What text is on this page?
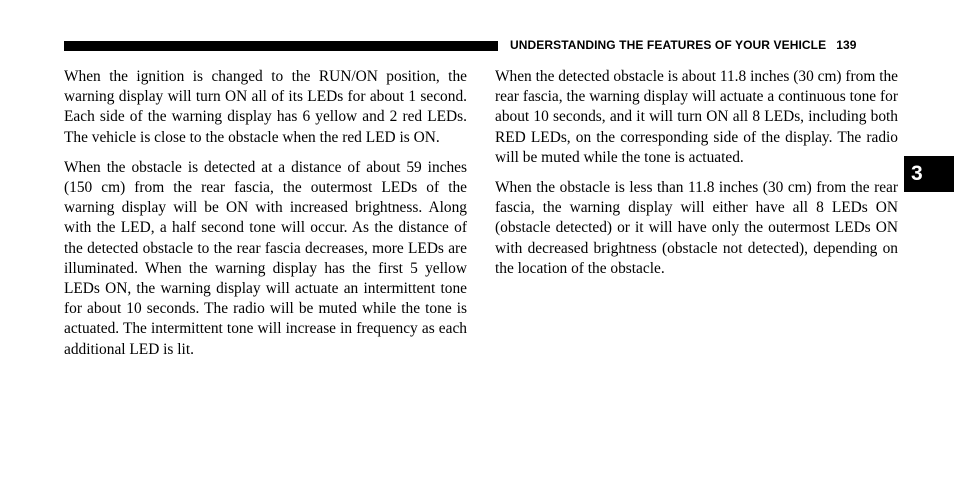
UNDERSTANDING THE FEATURES OF YOUR VEHICLE 139

When the ignition is changed to the RUN/ON position, the warning display will turn ON all of its LEDs for about 1 second. Each side of the warning display has 6 yellow and 2 red LEDs. The vehicle is close to the obstacle when the red LED is ON.

When the obstacle is detected at a distance of about 59 inches (150 cm) from the rear fascia, the outermost LEDs of the warning display will be ON with increased brightness. Along with the LED, a half second tone will occur. As the distance of the detected obstacle to the rear fascia decreases, more LEDs are illuminated. When the warning display has the first 5 yellow LEDs ON, the warning display will actuate an intermittent tone for about 10 seconds. The radio will be muted while the tone is actuated. The intermittent tone will increase in frequency as each additional LED is lit.

When the detected obstacle is about 11.8 inches (30 cm) from the rear fascia, the warning display will actuate a continuous tone for about 10 seconds, and it will turn ON all 8 LEDs, including both RED LEDs, on the corresponding side of the display. The radio will be muted while the tone is actuated.

When the obstacle is less than 11.8 inches (30 cm) from the rear fascia, the warning display will either have all 8 LEDs ON (obstacle detected) or it will have only the outermost LEDs ON with decreased brightness (obstacle not detected), depending on the location of the obstacle.

3
